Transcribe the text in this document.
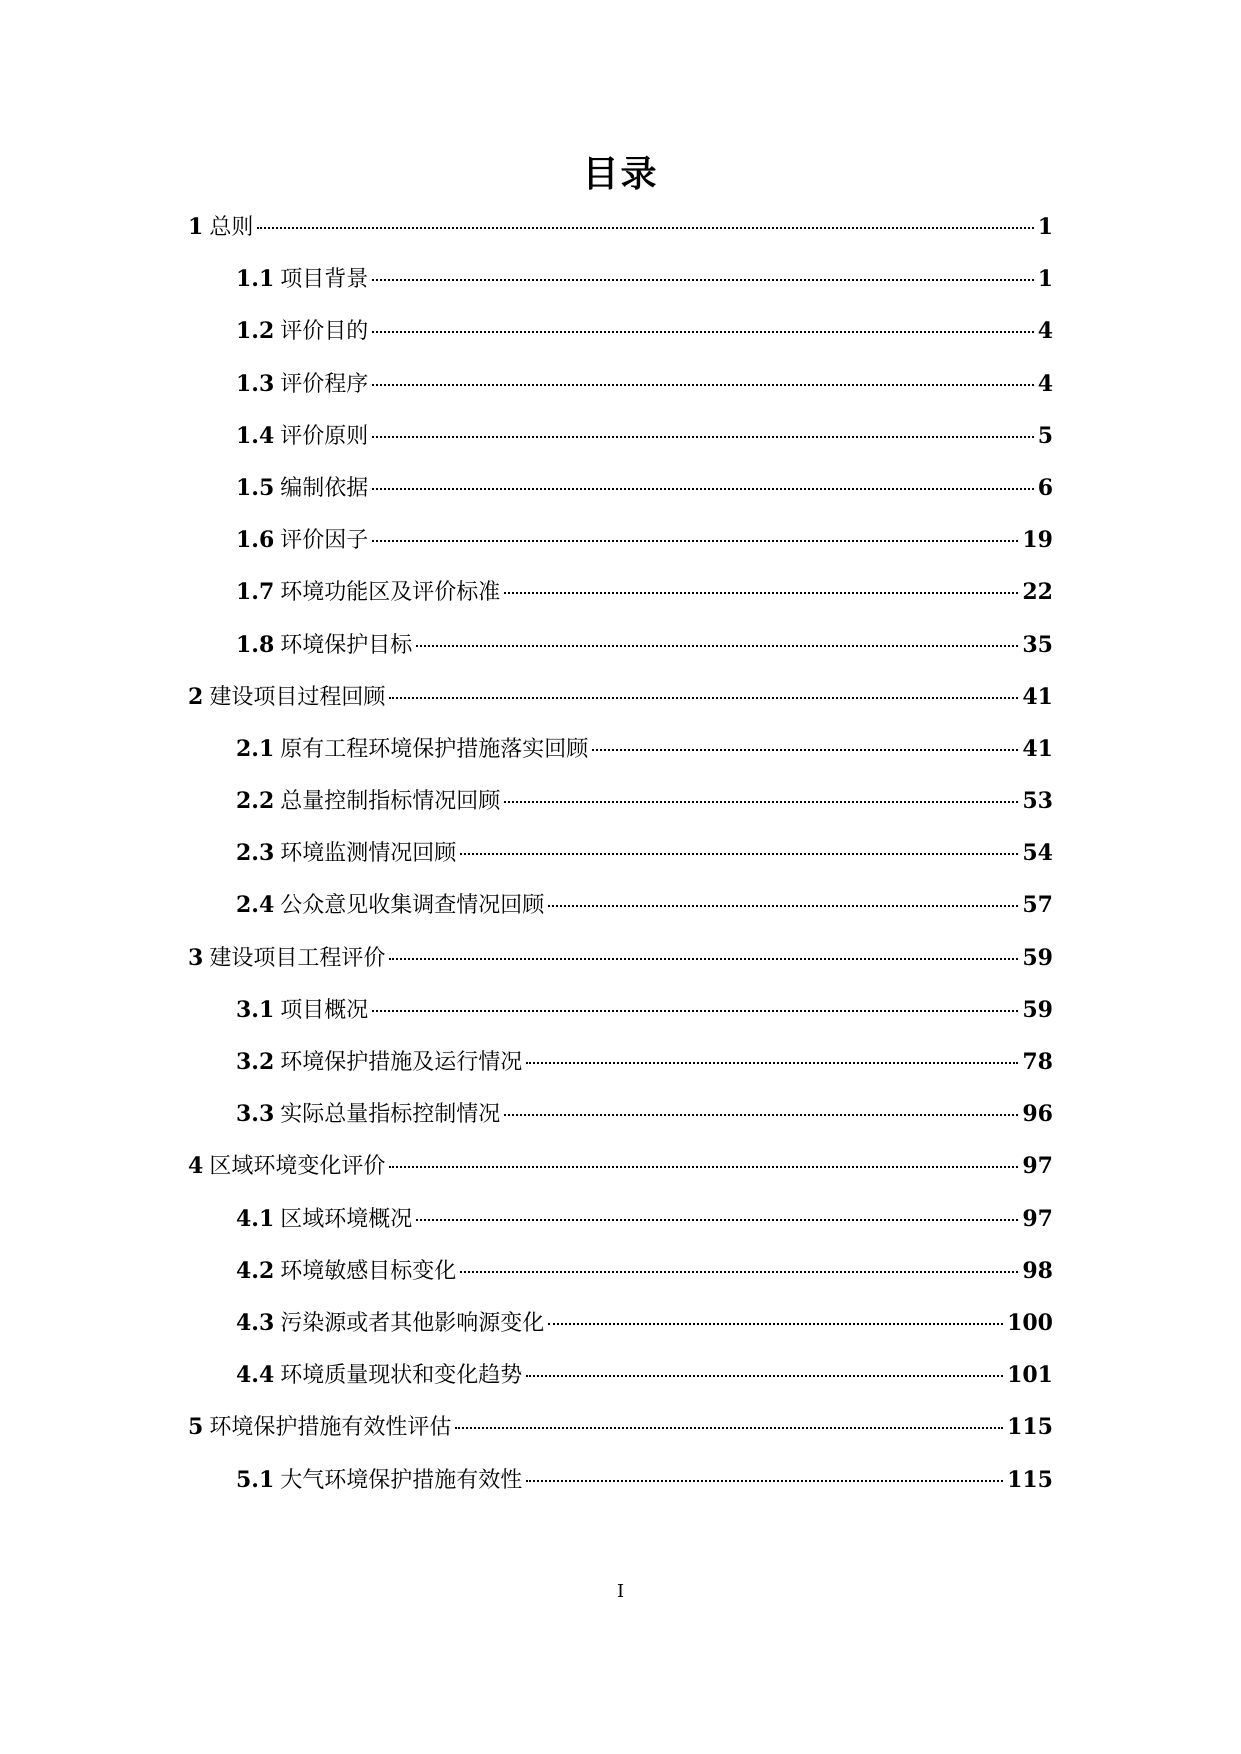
目录
1 总则	1
1.1 项目背景	1
1.2 评价目的	4
1.3 评价程序	4
1.4 评价原则	5
1.5 编制依据	6
1.6 评价因子	19
1.7 环境功能区及评价标准	22
1.8 环境保护目标	35
2 建设项目过程回顾	41
2.1 原有工程环境保护措施落实回顾	41
2.2 总量控制指标情况回顾	53
2.3 环境监测情况回顾	54
2.4 公众意见收集调查情况回顾	57
3 建设项目工程评价	59
3.1 项目概况	59
3.2 环境保护措施及运行情况	78
3.3 实际总量指标控制情况	96
4 区域环境变化评价	97
4.1 区域环境概况	97
4.2 环境敏感目标变化	98
4.3 污染源或者其他影响源变化	100
4.4 环境质量现状和变化趋势	101
5 环境保护措施有效性评估	115
5.1 大气环境保护措施有效性	115
I
